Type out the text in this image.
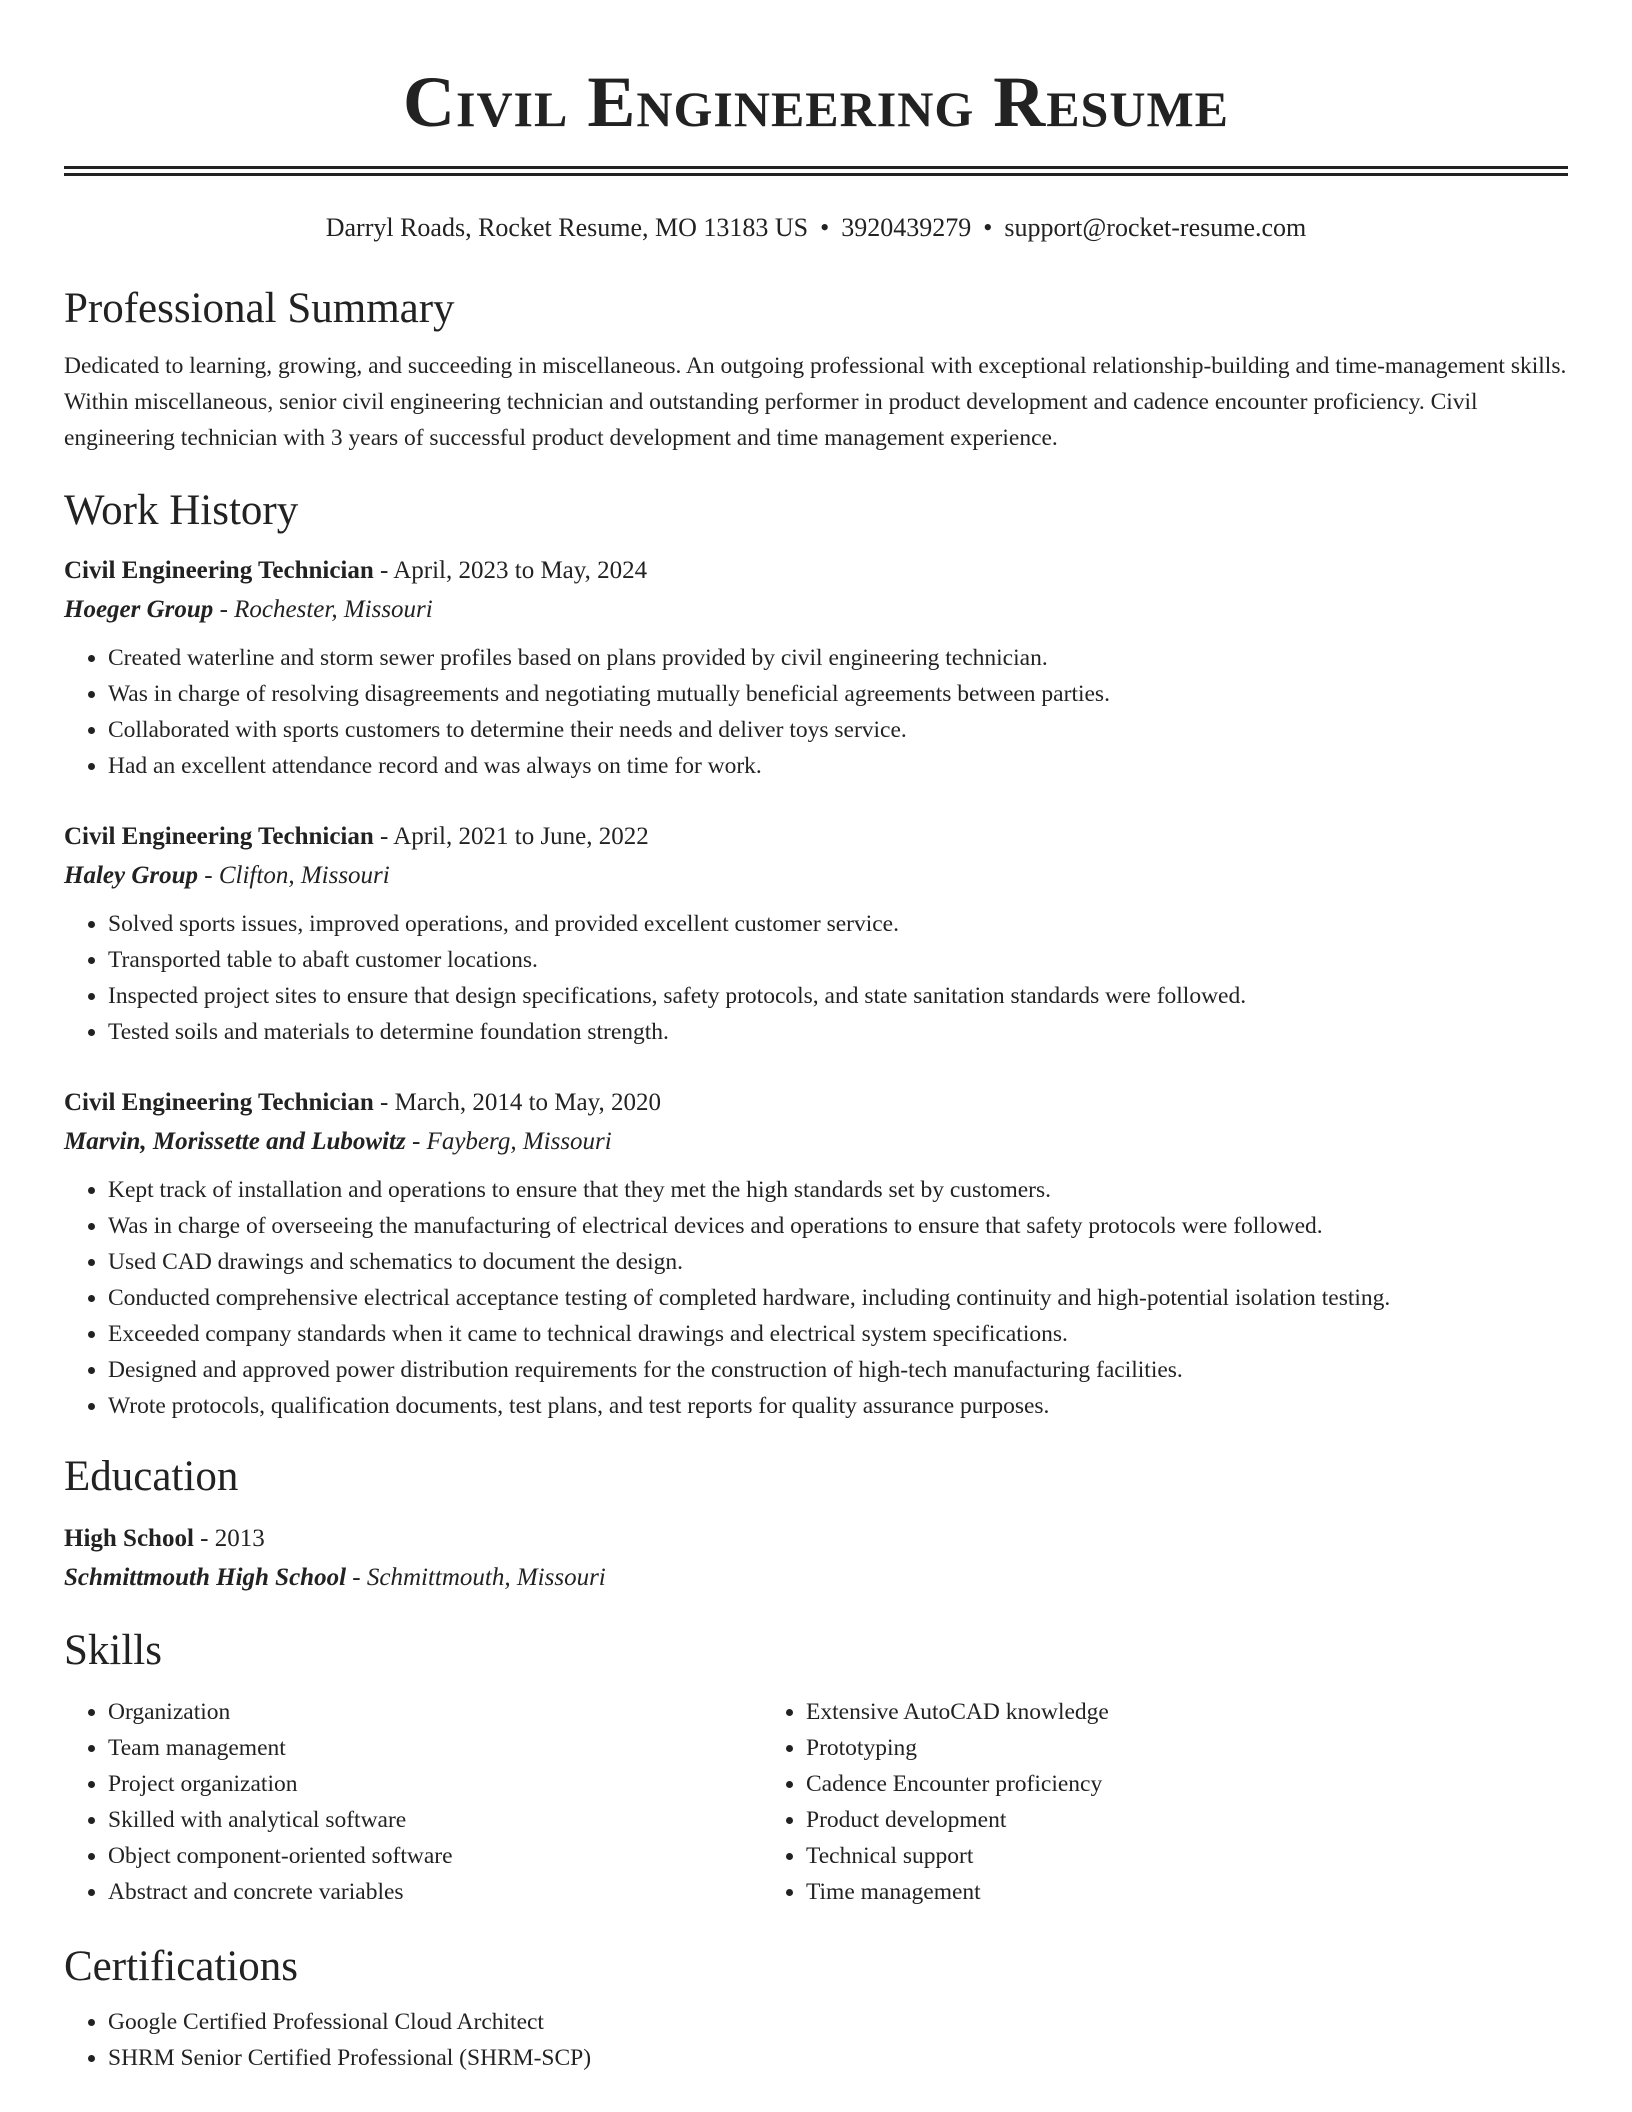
Civil Engineering Resume
Darryl Roads, Rocket Resume, MO 13183 US • 3920439279 • support@rocket-resume.com
Professional Summary

Dedicated to learning, growing, and succeeding in miscellaneous. An outgoing professional with exceptional relationship-building and time-management skills. Within miscellaneous, senior civil engineering technician and outstanding performer in product development and cadence encounter proficiency. Civil engineering technician with 3 years of successful product development and time management experience.

Work History
Civil Engineering Technician - April, 2023 to May, 2024
Hoeger Group - Rochester, Missouri
• Created waterline and storm sewer profiles based on plans provided by civil engineering technician.
• Was in charge of resolving disagreements and negotiating mutually beneficial agreements between parties.
• Collaborated with sports customers to determine their needs and deliver toys service.
• Had an excellent attendance record and was always on time for work.
Civil Engineering Technician - April, 2021 to June, 2022
Haley Group - Clifton, Missouri
• Solved sports issues, improved operations, and provided excellent customer service.
• Transported table to abaft customer locations.
• Inspected project sites to ensure that design specifications, safety protocols, and state sanitation standards were followed.
• Tested soils and materials to determine foundation strength.
Civil Engineering Technician - March, 2014 to May, 2020
Marvin, Morissette and Lubowitz - Fayberg, Missouri
• Kept track of installation and operations to ensure that they met the high standards set by customers.
• Was in charge of overseeing the manufacturing of electrical devices and operations to ensure that safety protocols were followed.
• Used CAD drawings and schematics to document the design.
• Conducted comprehensive electrical acceptance testing of completed hardware, including continuity and high-potential isolation testing.
• Exceeded company standards when it came to technical drawings and electrical system specifications.
• Designed and approved power distribution requirements for the construction of high-tech manufacturing facilities.
• Wrote protocols, qualification documents, test plans, and test reports for quality assurance purposes.
Education
High School - 2013
Schmittmouth High School - Schmittmouth, Missouri
Skills
• Organization
• Team management
• Project organization
• Skilled with analytical software
• Object component-oriented software
• Abstract and concrete variables
• Extensive AutoCAD knowledge
• Prototyping
• Cadence Encounter proficiency
• Product development
• Technical support
• Time management
Certifications
• Google Certified Professional Cloud Architect
• SHRM Senior Certified Professional (SHRM-SCP)
